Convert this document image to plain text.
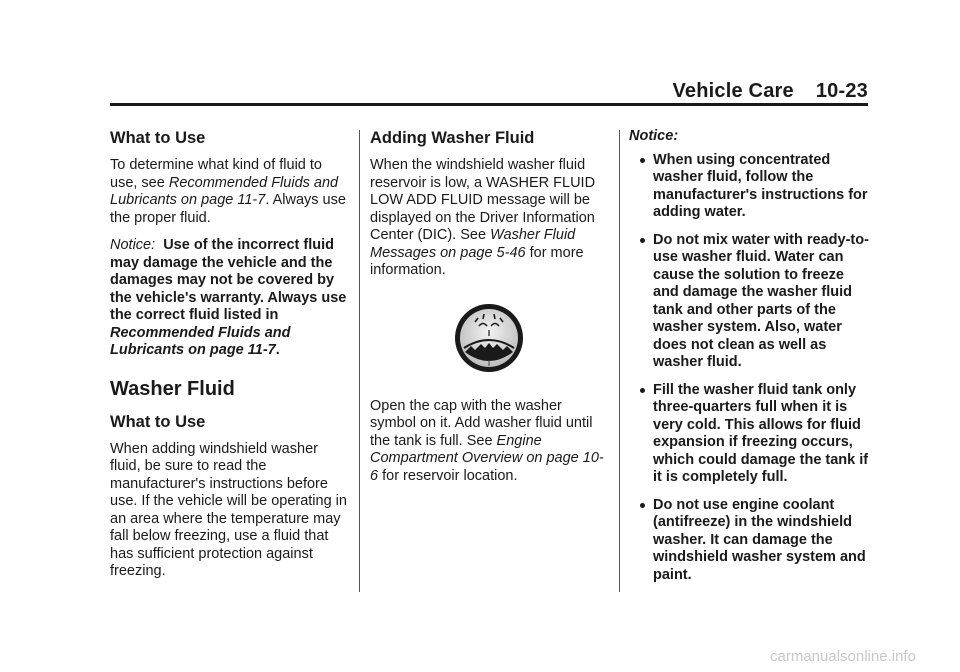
Vehicle Care 10-23
What to Use

To determine what kind of fluid to use, see Recommended Fluids and Lubricants on page 11-7. Always use the proper fluid.

Notice: Use of the incorrect fluid may damage the vehicle and the damages may not be covered by the vehicle's warranty. Always use the correct fluid listed in Recommended Fluids and Lubricants on page 11-7.

Washer Fluid
What to Use

When adding windshield washer fluid, be sure to read the manufacturer's instructions before use. If the vehicle will be operating in an area where the temperature may fall below freezing, use a fluid that has sufficient protection against freezing.

Adding Washer Fluid

When the windshield washer fluid reservoir is low, a WASHER FLUID LOW ADD FLUID message will be displayed on the Driver Information Center (DIC). See Washer Fluid Messages on page 5-46 for more information.

Open the cap with the washer symbol on it. Add washer fluid until the tank is full. See Engine Compartment Overview on page 10-6 for reservoir location.

Notice:

When using concentrated washer fluid, follow the manufacturer's instructions for adding water.
Do not mix water with ready-to-use washer fluid. Water can cause the solution to freeze and damage the washer fluid tank and other parts of the washer system. Also, water does not clean as well as washer fluid.
Fill the washer fluid tank only three-quarters full when it is very cold. This allows for fluid expansion if freezing occurs, which could damage the tank if it is completely full.
Do not use engine coolant (antifreeze) in the windshield washer. It can damage the windshield washer system and paint.
carmanualsonline.info
